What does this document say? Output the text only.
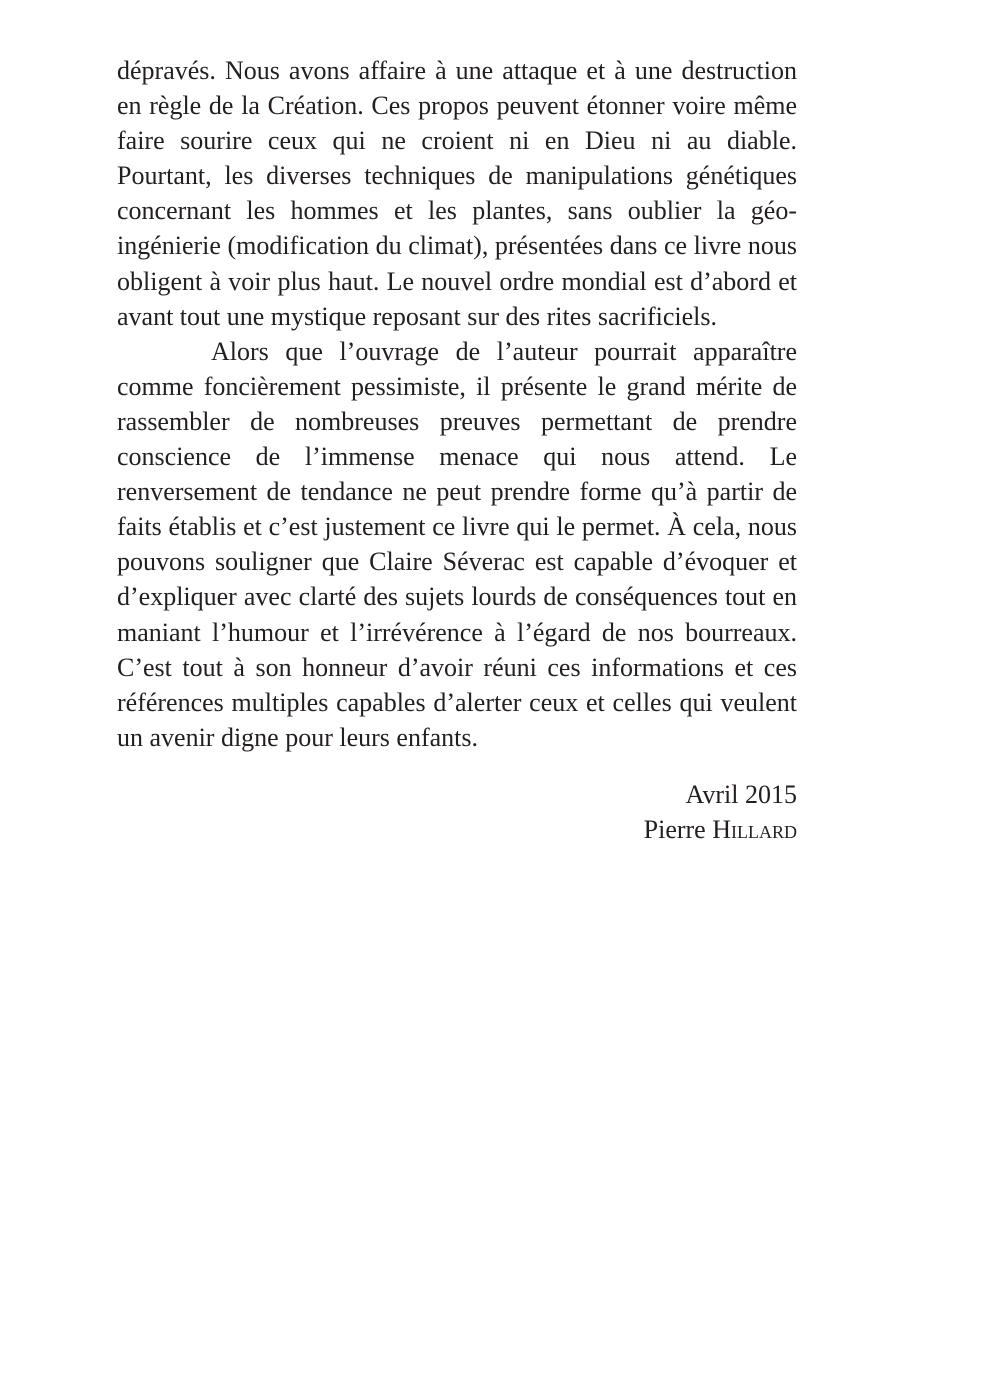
dépravés. Nous avons affaire à une attaque et à une destruction en règle de la Création. Ces propos peuvent étonner voire même faire sourire ceux qui ne croient ni en Dieu ni au diable. Pourtant, les diverses techniques de manipulations génétiques concernant les hommes et les plantes, sans oublier la géo-ingénierie (modification du climat), présentées dans ce livre nous obligent à voir plus haut. Le nouvel ordre mondial est d’abord et avant tout une mystique reposant sur des rites sacrificiels.

Alors que l’ouvrage de l’auteur pourrait apparaître comme foncièrement pessimiste, il présente le grand mérite de rassembler de nombreuses preuves permettant de prendre conscience de l’immense menace qui nous attend. Le renversement de tendance ne peut prendre forme qu’à partir de faits établis et c’est justement ce livre qui le permet. À cela, nous pouvons souligner que Claire Séverac est capable d’évoquer et d’expliquer avec clarté des sujets lourds de conséquences tout en maniant l’humour et l’irrévérence à l’égard de nos bourreaux. C’est tout à son honneur d’avoir réuni ces informations et ces références multiples capables d’alerter ceux et celles qui veulent un avenir digne pour leurs enfants.

Avril 2015
Pierre Hillard
